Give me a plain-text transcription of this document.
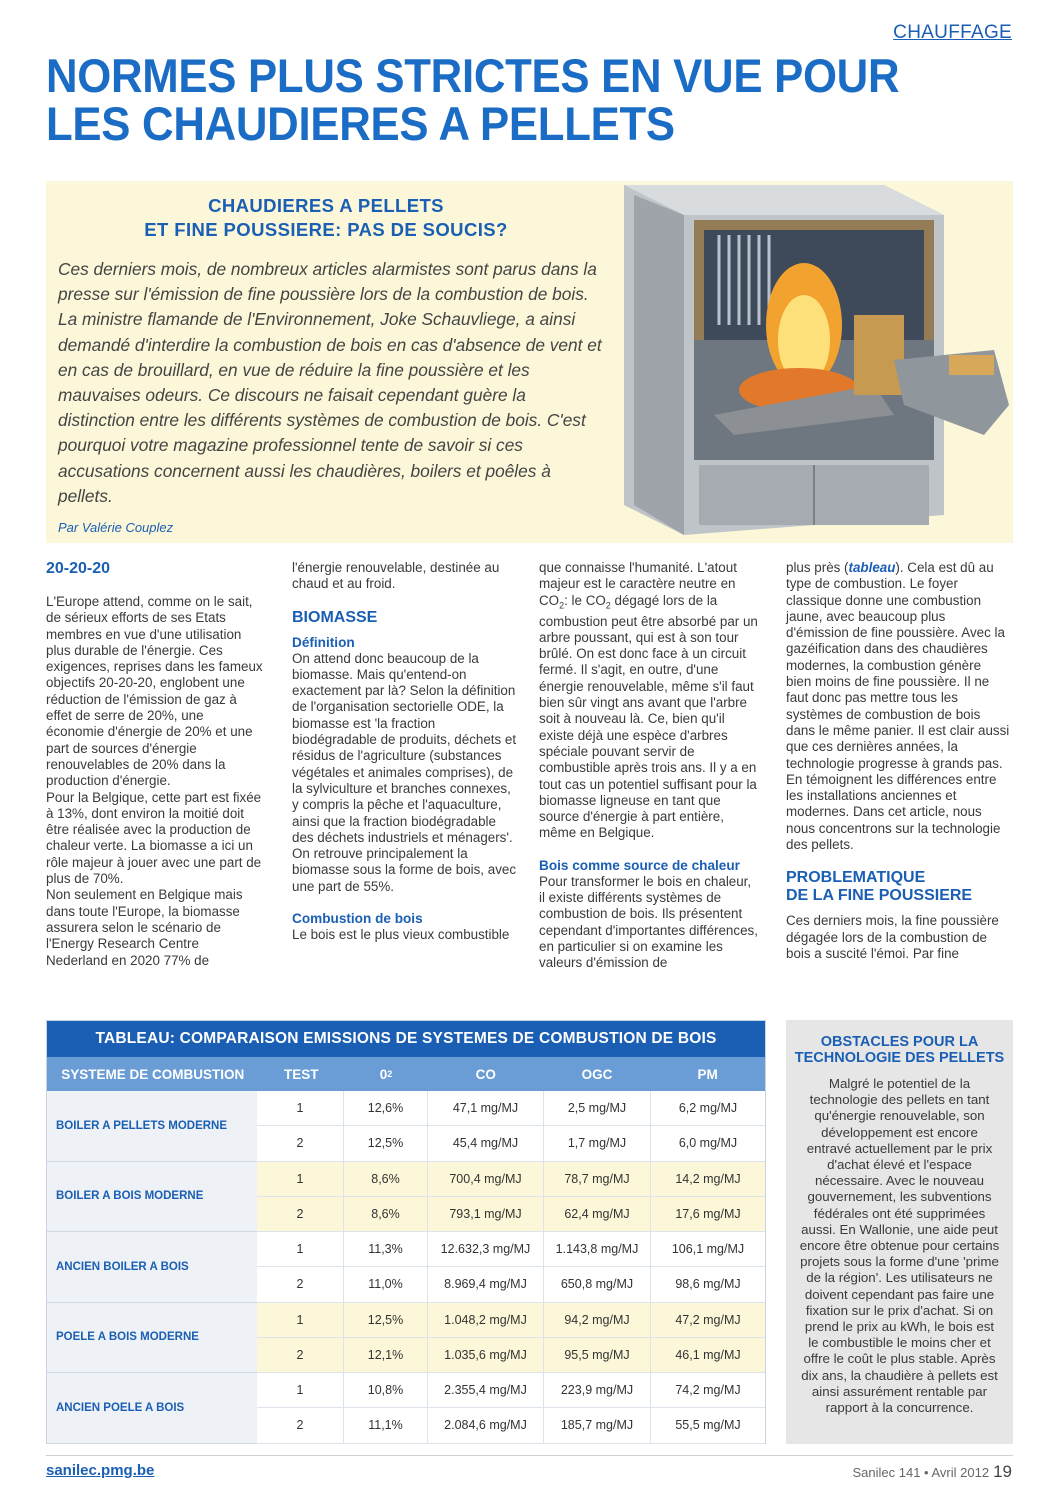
CHAUFFAGE
NORMES PLUS STRICTES EN VUE POUR
LES CHAUDIERES A PELLETS
CHAUDIERES A PELLETS
ET FINE POUSSIERE: PAS DE SOUCIS?
Ces derniers mois, de nombreux articles alarmistes sont parus dans la presse sur l'émission de fine poussière lors de la combustion de bois. La ministre flamande de l'Environnement, Joke Schauvliege, a ainsi demandé d'interdire la combustion de bois en cas d'absence de vent et en cas de brouillard, en vue de réduire la fine poussière et les mauvaises odeurs. Ce discours ne faisait cependant guère la distinction entre les différents systèmes de combustion de bois. C'est pourquoi votre magazine professionnel tente de savoir si ces accusations concernent aussi les chaudières, boilers et poêles à pellets.
Par Valérie Couplez
20-20-20

L'Europe attend, comme on le sait, de sérieux efforts de ses Etats membres en vue d'une utilisation plus durable de l'énergie. Ces exigences, reprises dans les fameux objectifs 20-20-20, englobent une réduction de l'émission de gaz à effet de serre de 20%, une économie d'énergie de 20% et une part de sources d'énergie renouvelables de 20% dans la production d'énergie.

Pour la Belgique, cette part est fixée à 13%, dont environ la moitié doit être réalisée avec la production de chaleur verte. La biomasse a ici un rôle majeur à jouer avec une part de plus de 70%.

Non seulement en Belgique mais dans toute l'Europe, la biomasse assurera selon le scénario de l'Energy Research Centre Nederland en 2020 77% de

l'énergie renouvelable, destinée au chaud et au froid.

BIOMASSE
Définition

On attend donc beaucoup de la biomasse. Mais qu'entend-on exactement par là? Selon la définition de l'organisation sectorielle ODE, la biomasse est 'la fraction biodégradable de produits, déchets et résidus de l'agriculture (substances végétales et animales comprises), de la sylviculture et branches connexes, y compris la pêche et l'aquaculture, ainsi que la fraction biodégradable des déchets industriels et ménagers'.

On retrouve principalement la biomasse sous la forme de bois, avec une part de 55%.

Combustion de bois

Le bois est le plus vieux combustible

que connaisse l'humanité. L'atout majeur est le caractère neutre en $CO_2$: le $CO_2$ dégagé lors de la combustion peut être absorbé par un arbre poussant, qui est à son tour brûlé. On est donc face à un circuit fermé. Il s'agit, en outre, d'une énergie renouvelable, même s'il faut bien sûr vingt ans avant que l'arbre soit à nouveau là. Ce, bien qu'il existe déjà une espèce d'arbres spéciale pouvant servir de combustible après trois ans. Il y a en tout cas un potentiel suffisant pour la biomasse ligneuse en tant que source d'énergie à part entière, même en Belgique.

Bois comme source de chaleur

Pour transformer le bois en chaleur, il existe différents systèmes de combustion de bois. Ils présentent cependant d'importantes différences, en particulier si on examine les valeurs d'émission de

plus près (tableau). Cela est dû au type de combustion. Le foyer classique donne une combustion jaune, avec beaucoup plus d'émission de fine poussière. Avec la gazéification dans des chaudières modernes, la combustion génère bien moins de fine poussière. Il ne faut donc pas mettre tous les systèmes de combustion de bois dans le même panier. Il est clair aussi que ces dernières années, la technologie progresse à grands pas. En témoignent les différences entre les installations anciennes et modernes. Dans cet article, nous nous concentrons sur la technologie des pellets.

PROBLEMATIQUE
DE LA FINE POUSSIERE

Ces derniers mois, la fine poussière dégagée lors de la combustion de bois a suscité l'émoi. Par fine

TABLEAU: COMPARAISON EMISSIONS DE SYSTEMES DE COMBUSTION DE BOIS
SYSTEME DE COMBUSTION	TEST	0 2	CO	OGC	PM
BOILER A PELLETS MODERNE
1	12,6%	47,1 mg/MJ	2,5 mg/MJ	6,2 mg/MJ
2	12,5%	45,4 mg/MJ	1,7 mg/MJ	6,0 mg/MJ
BOILER A BOIS MODERNE
1	8,6%	700,4 mg/MJ	78,7 mg/MJ	14,2 mg/MJ
2	8,6%	793,1 mg/MJ	62,4 mg/MJ	17,6 mg/MJ
ANCIEN BOILER A BOIS
1	11,3%	12.632,3 mg/MJ	1.143,8 mg/MJ	106,1 mg/MJ
2	11,0%	8.969,4 mg/MJ	650,8 mg/MJ	98,6 mg/MJ
POELE A BOIS MODERNE
1	12,5%	1.048,2 mg/MJ	94,2 mg/MJ	47,2 mg/MJ
2	12,1%	1.035,6 mg/MJ	95,5 mg/MJ	46,1 mg/MJ
ANCIEN POELE A BOIS
1	10,8%	2.355,4 mg/MJ	223,9 mg/MJ	74,2 mg/MJ
2	11,1%	2.084,6 mg/MJ	185,7 mg/MJ	55,5 mg/MJ
OBSTACLES POUR LA
TECHNOLOGIE DES PELLETS
Malgré le potentiel de la technologie des pellets en tant qu'énergie renouvelable, son développement est encore entravé actuellement par le prix d'achat élevé et l'espace nécessaire. Avec le nouveau gouvernement, les subventions fédérales ont été supprimées aussi. En Wallonie, une aide peut encore être obtenue pour certains projets sous la forme d'une 'prime de la région'. Les utilisateurs ne doivent cependant pas faire une fixation sur le prix d'achat. Si on prend le prix au kWh, le bois est le combustible le moins cher et offre le coût le plus stable. Après dix ans, la chaudière à pellets est ainsi assurément rentable par rapport à la concurrence.
sanilec.pmg.be	Sanilec 141 • Avril 2012 19
